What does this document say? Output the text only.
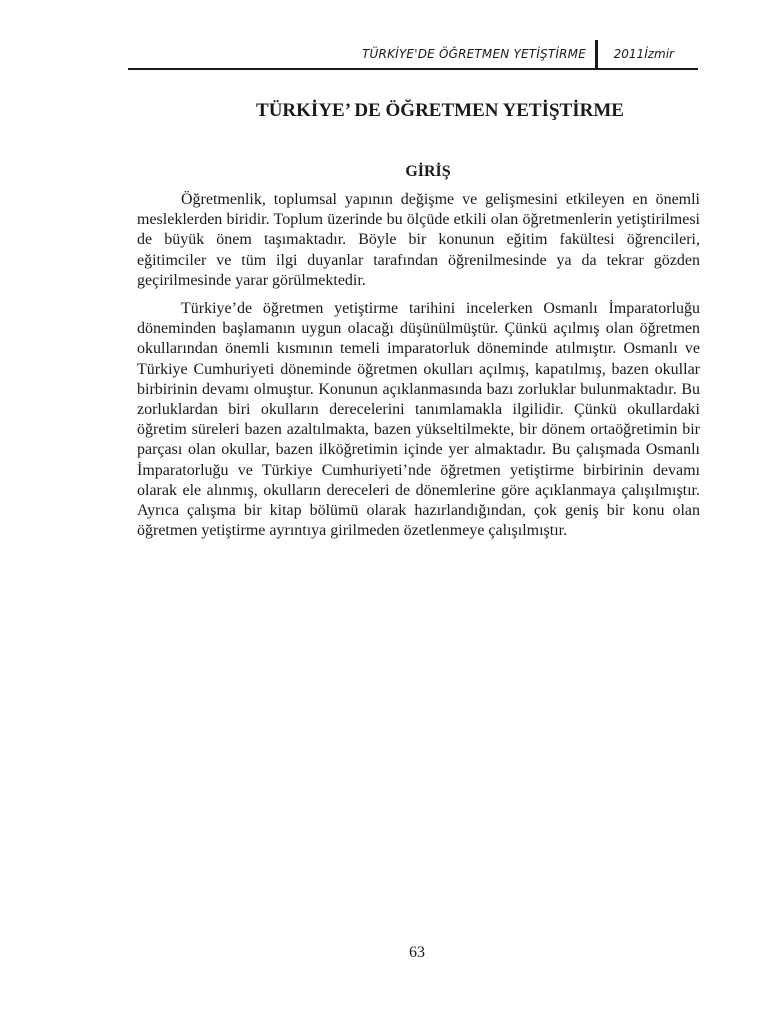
TÜRKİYE'DE ÖĞRETMEN YETİŞTİRME 2011İzmir
TÜRKİYE’ DE ÖĞRETMEN YETİŞTİRME
GİRİŞ

Öğretmenlik, toplumsal yapının değişme ve gelişmesini etkileyen en önemli mesleklerden biridir. Toplum üzerinde bu ölçüde etkili olan öğretmenlerin yetiştirilmesi de büyük önem taşımaktadır. Böyle bir konunun eğitim fakültesi öğrencileri, eğitimciler ve tüm ilgi duyanlar tarafından öğrenilmesinde ya da tekrar gözden geçirilmesinde yarar görülmektedir.

Türkiye’de öğretmen yetiştirme tarihini incelerken Osmanlı İmparatorluğu döneminden başlamanın uygun olacağı düşünülmüştür. Çünkü açılmış olan öğretmen okullarından önemli kısmının temeli imparatorluk döneminde atılmıştır. Osmanlı ve Türkiye Cumhuriyeti döneminde öğretmen okulları açılmış, kapatılmış, bazen okullar birbirinin devamı olmuştur. Konunun açıklanmasında bazı zorluklar bulunmaktadır. Bu zorluklardan biri okulların derecelerini tanımlamakla ilgilidir. Çünkü okullardaki öğretim süreleri bazen azaltılmakta, bazen yükseltilmekte, bir dönem ortaöğretimin bir parçası olan okullar, bazen ilköğretimin içinde yer almaktadır. Bu çalışmada Osmanlı İmparatorluğu ve Türkiye Cumhuriyeti’nde öğretmen yetiştirme birbirinin devamı olarak ele alınmış, okulların dereceleri de dönemlerine göre açıklanmaya çalışılmıştır. Ayrıca çalışma bir kitap bölümü olarak hazırlandığından, çok geniş bir konu olan öğretmen yetiştirme ayrıntıya girilmeden özetlenmeye çalışılmıştır.

63
